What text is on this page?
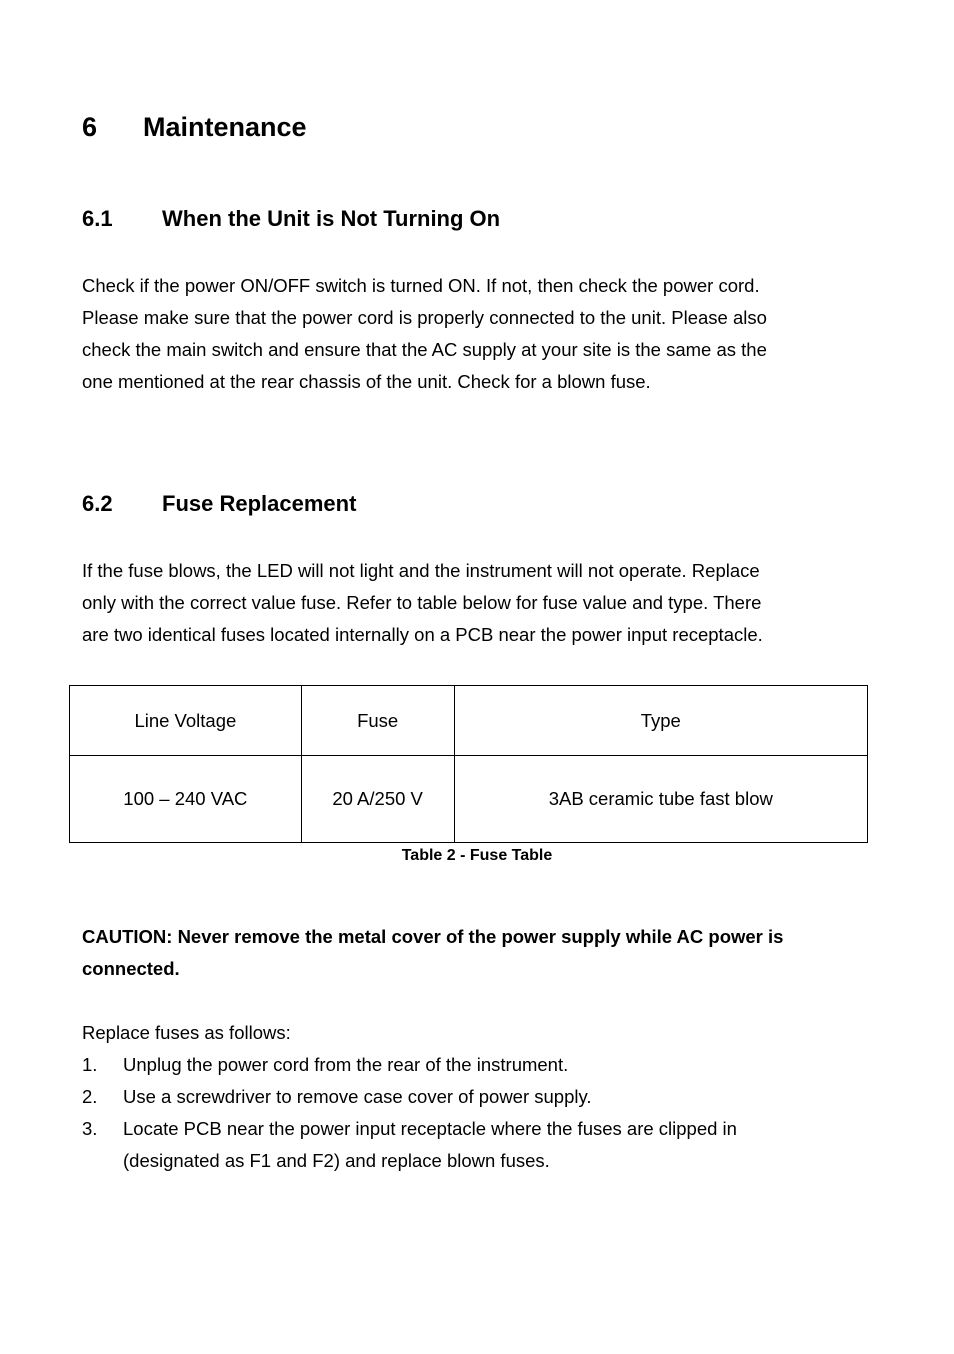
6 Maintenance
6.1 When the Unit is Not Turning On
Check if the power ON/OFF switch is turned ON. If not, then check the power cord.
Please make sure that the power cord is properly connected to the unit. Please also
check the main switch and ensure that the AC supply at your site is the same as the
one mentioned at the rear chassis of the unit. Check for a blown fuse.
6.2 Fuse Replacement
If the fuse blows, the LED will not light and the instrument will not operate. Replace
only with the correct value fuse. Refer to table below for fuse value and type. There
are two identical fuses located internally on a PCB near the power input receptacle.
Line Voltage	Fuse	Type
100 – 240 VAC	20 A/250 V	3AB ceramic tube fast blow
Table 2 - Fuse Table
CAUTION: Never remove the metal cover of the power supply while AC power is
connected.
Replace fuses as follows:
1. Unplug the power cord from the rear of the instrument.
2. Use a screwdriver to remove case cover of power supply.
3. Locate PCB near the power input receptacle where the fuses are clipped in
(designated as F1 and F2) and replace blown fuses.
